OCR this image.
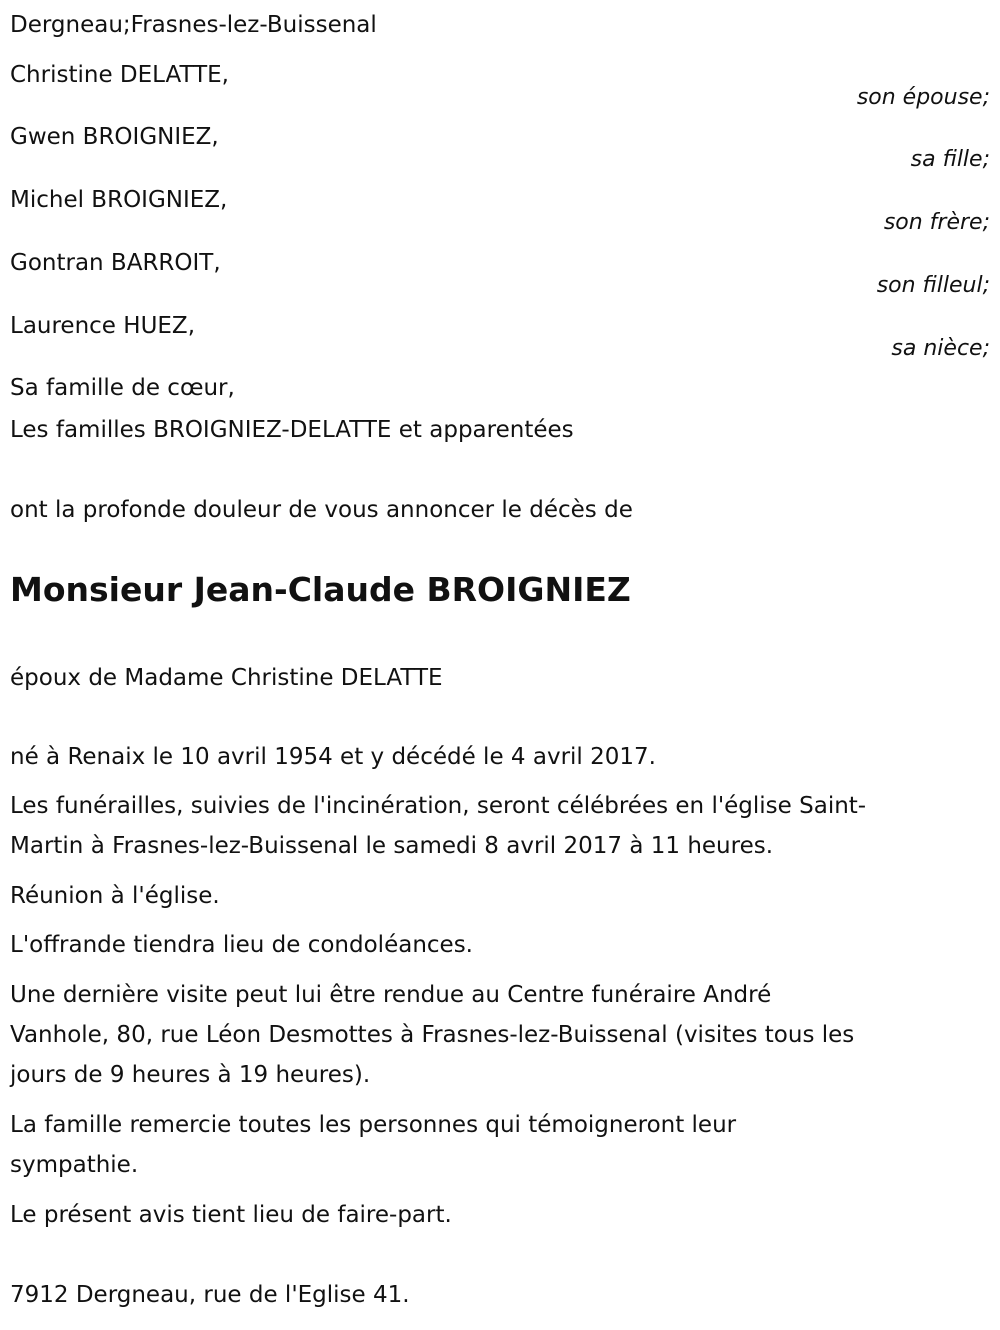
Dergneau;Frasnes-lez-Buissenal
Christine DELATTE,
son épouse;
Gwen BROIGNIEZ,
sa fille;
Michel BROIGNIEZ,
son frère;
Gontran BARROIT,
son filleul;
Laurence HUEZ,
sa nièce;
Sa famille de cœur,
Les familles BROIGNIEZ-DELATTE et apparentées
ont la profonde douleur de vous annoncer le décès de
Monsieur Jean-Claude BROIGNIEZ
époux de Madame Christine DELATTE
né à Renaix le 10 avril 1954 et y décédé le 4 avril 2017.
Les funérailles, suivies de l'incinération, seront célébrées en l'église Saint-
Martin à Frasnes-lez-Buissenal le samedi 8 avril 2017 à 11 heures.
Réunion à l'église.
L'offrande tiendra lieu de condoléances.
Une dernière visite peut lui être rendue au Centre funéraire André
Vanhole, 80, rue Léon Desmottes à Frasnes-lez-Buissenal (visites tous les
jours de 9 heures à 19 heures).
La famille remercie toutes les personnes qui témoigneront leur
sympathie.
Le présent avis tient lieu de faire-part.
7912 Dergneau, rue de l'Eglise 41.
